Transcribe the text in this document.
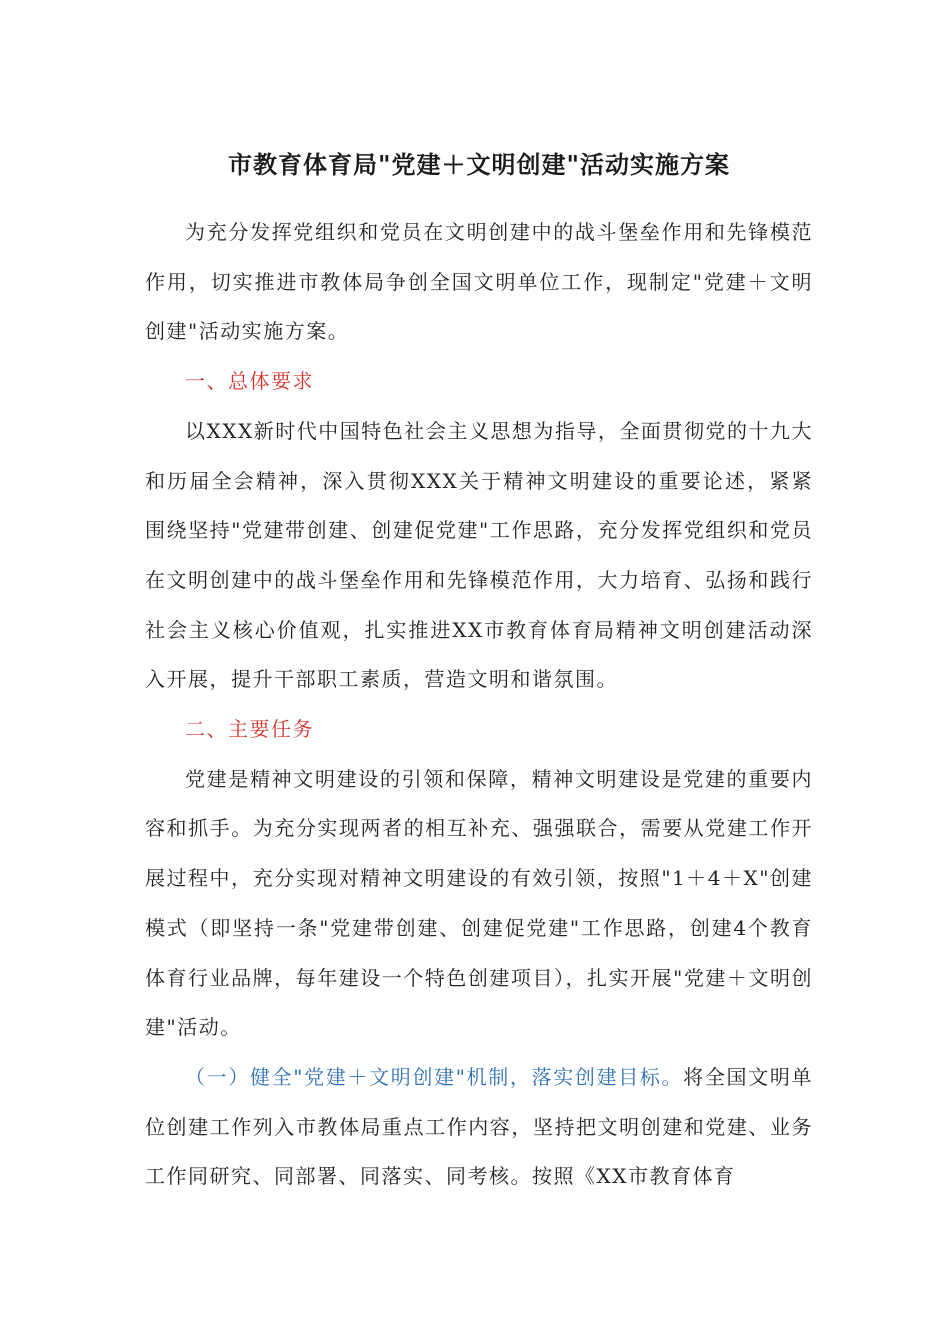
市教育体育局"党建＋文明创建"活动实施方案

为充分发挥党组织和党员在文明创建中的战斗堡垒作用和先锋模范作用，切实推进市教体局争创全国文明单位工作，现制定"党建＋文明创建"活动实施方案。

一、总体要求

以XXX新时代中国特色社会主义思想为指导，全面贯彻党的十九大和历届全会精神，深入贯彻XXX关于精神文明建设的重要论述，紧紧围绕坚持"党建带创建、创建促党建"工作思路，充分发挥党组织和党员在文明创建中的战斗堡垒作用和先锋模范作用，大力培育、弘扬和践行社会主义核心价值观，扎实推进XX市教育体育局精神文明创建活动深入开展，提升干部职工素质，营造文明和谐氛围。

二、主要任务

党建是精神文明建设的引领和保障，精神文明建设是党建的重要内容和抓手。为充分实现两者的相互补充、强强联合，需要从党建工作开展过程中，充分实现对精神文明建设的有效引领，按照"1＋4＋X"创建模式（即坚持一条"党建带创建、创建促党建"工作思路，创建4个教育体育行业品牌，每年建设一个特色创建项目），扎实开展"党建＋文明创建"活动。

（一）健全"党建＋文明创建"机制，落实创建目标。将全国文明单位创建工作列入市教体局重点工作内容，坚持把文明创建和党建、业务工作同研究、同部署、同落实、同考核。按照《XX市教育体育
